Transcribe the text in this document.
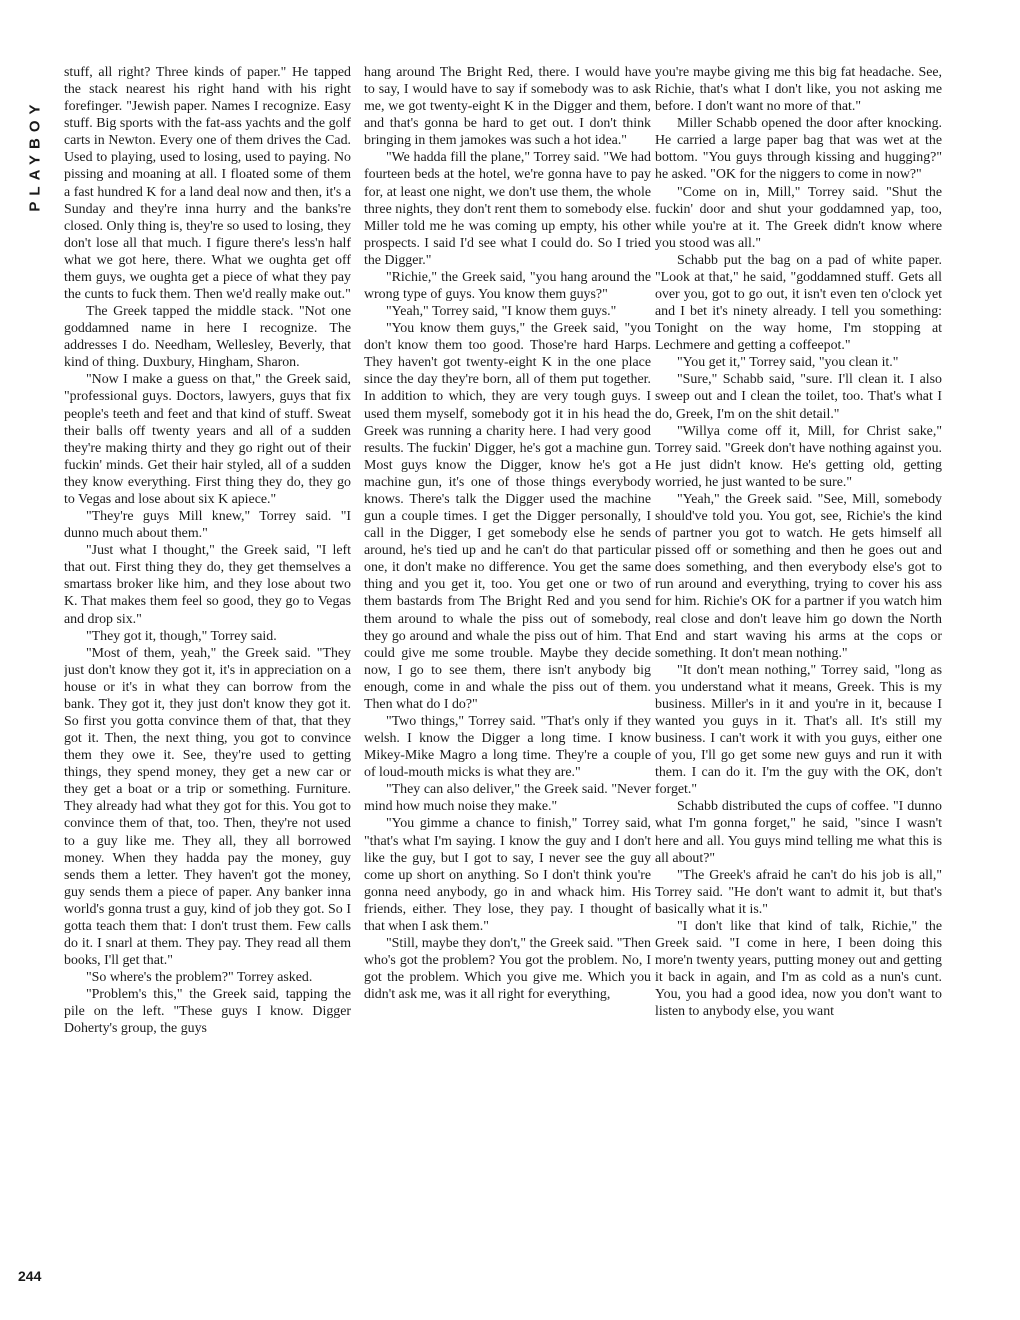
PLAYBOY

stuff, all right? Three kinds of paper." He tapped the stack nearest his right hand with his right forefinger. "Jewish paper. Names I recognize. Easy stuff. Big sports with the fat-ass yachts and the golf carts in Newton. Every one of them drives the Cad. Used to playing, used to losing, used to paying. No pissing and moaning at all. I floated some of them a fast hundred K for a land deal now and then, it's a Sunday and they're inna hurry and the banks're closed. Only thing is, they're so used to losing, they don't lose all that much. I figure there's less'n half what we got here, there. What we oughta get off them guys, we oughta get a piece of what they pay the cunts to fuck them. Then we'd really make out."

The Greek tapped the middle stack. "Not one goddamned name in here I recognize. The addresses I do. Needham, Wellesley, Beverly, that kind of thing. Duxbury, Hingham, Sharon.

"Now I make a guess on that," the Greek said, "professional guys. Doctors, lawyers, guys that fix people's teeth and feet and that kind of stuff. Sweat their balls off twenty years and all of a sudden they're making thirty and they go right out of their fuckin' minds. Get their hair styled, all of a sudden they know everything. First thing they do, they go to Vegas and lose about six K apiece."

"They're guys Mill knew," Torrey said. "I dunno much about them."

"Just what I thought," the Greek said, "I left that out. First thing they do, they get themselves a smartass broker like him, and they lose about two K. That makes them feel so good, they go to Vegas and drop six."

"They got it, though," Torrey said.

"Most of them, yeah," the Greek said. "They just don't know they got it, it's in appreciation on a house or it's in what they can borrow from the bank. They got it, they just don't know they got it. So first you gotta convince them of that, that they got it. Then, the next thing, you got to convince them they owe it. See, they're used to getting things, they spend money, they get a new car or they get a boat or a trip or something. Furniture. They already had what they got for this. You got to convince them of that, too. Then, they're not used to a guy like me. They all, they all borrowed money. When they hadda pay the money, guy sends them a letter. They haven't got the money, guy sends them a piece of paper. Any banker inna world's gonna trust a guy, kind of job they got. So I gotta teach them that: I don't trust them. Few calls do it. I snarl at them. They pay. They read all them books, I'll get that."

"So where's the problem?" Torrey asked.

"Problem's this," the Greek said, tapping the pile on the left. "These guys I know. Digger Doherty's group, the guys

hang around The Bright Red, there. I would have to say, I would have to say if somebody was to ask me, we got twenty-eight K in the Digger and them, and that's gonna be hard to get out. I don't think bringing in them jamokes was such a hot idea."

"We hadda fill the plane," Torrey said. "We had fourteen beds at the hotel, we're gonna have to pay for, at least one night, we don't use them, the whole three nights, they don't rent them to somebody else. Miller told me he was coming up empty, his other prospects. I said I'd see what I could do. So I tried the Digger."

"Richie," the Greek said, "you hang around the wrong type of guys. You know them guys?"

"Yeah," Torrey said, "I know them guys."

"You know them guys," the Greek said, "you don't know them too good. Those're hard Harps. They haven't got twenty-eight K in the one place since the day they're born, all of them put together. In addition to which, they are very tough guys. I used them myself, somebody got it in his head the Greek was running a charity here. I had very good results. The fuckin' Digger, he's got a machine gun. Most guys know the Digger, know he's got a machine gun, it's one of those things everybody knows. There's talk the Digger used the machine gun a couple times. I get the Digger personally, I call in the Digger, I get somebody else he sends around, he's tied up and he can't do that particular one, it don't make no difference. You get the same thing and you get it, too. You get one or two of them bastards from The Bright Red and you send them around to whale the piss out of somebody, they go around and whale the piss out of him. That could give me some trouble. Maybe they decide now, I go to see them, there isn't anybody big enough, come in and whale the piss out of them. Then what do I do?"

"Two things," Torrey said. "That's only if they welsh. I know the Digger a long time. I know Mikey-Mike Magro a long time. They're a couple of loud-mouth micks is what they are."

"They can also deliver," the Greek said. "Never mind how much noise they make."

"You gimme a chance to finish," Torrey said, "that's what I'm saying. I know the guy and I don't like the guy, but I got to say, I never see the guy come up short on anything. So I don't think you're gonna need anybody, go in and whack him. His friends, either. They lose, they pay. I thought of that when I ask them."

"Still, maybe they don't," the Greek said. "Then who's got the problem? You got the problem. No, I got the problem. Which you give me. Which you didn't ask me, was it all right for everything,

you're maybe giving me this big fat headache. See, Richie, that's what I don't like, you not asking me before. I don't want no more of that."

Miller Schabb opened the door after knocking. He carried a large paper bag that was wet at the bottom. "You guys through kissing and hugging?" he asked. "OK for the niggers to come in now?"

"Come on in, Mill," Torrey said. "Shut the fuckin' door and shut your goddamned yap, too, while you're at it. The Greek didn't know where you stood was all."

Schabb put the bag on a pad of white paper. "Look at that," he said, "goddamned stuff. Gets all over you, got to go out, it isn't even ten o'clock yet and I bet it's ninety already. I tell you something: Tonight on the way home, I'm stopping at Lechmere and getting a coffeepot."

"You get it," Torrey said, "you clean it."

"Sure," Schabb said, "sure. I'll clean it. I also sweep out and I clean the toilet, too. That's what I do, Greek, I'm on the shit detail."

"Willya come off it, Mill, for Christ sake," Torrey said. "Greek don't have nothing against you. He just didn't know. He's getting old, getting worried, he just wanted to be sure."

"Yeah," the Greek said. "See, Mill, somebody should've told you. You got, see, Richie's the kind of partner you got to watch. He gets himself all pissed off or something and then he goes out and does something, and then everybody else's got to run around and everything, trying to cover his ass for him. Richie's OK for a partner if you watch him real close and don't leave him go down the North End and start waving his arms at the cops or something. It don't mean nothing."

"It don't mean nothing," Torrey said, "long as you understand what it means, Greek. This is my business. Miller's in it and you're in it, because I wanted you guys in it. That's all. It's still my business. I can't work it with you guys, either one of you, I'll go get some new guys and run it with them. I can do it. I'm the guy with the OK, don't forget."

Schabb distributed the cups of coffee. "I dunno what I'm gonna forget," he said, "since I wasn't here and all. You guys mind telling me what this is all about?"

"The Greek's afraid he can't do his job is all," Torrey said. "He don't want to admit it, but that's basically what it is."

"I don't like that kind of talk, Richie," the Greek said. "I come in here, I been doing this more'n twenty years, putting money out and getting it back in again, and I'm as cold as a nun's cunt. You, you had a good idea, now you don't want to listen to anybody else, you want

244
